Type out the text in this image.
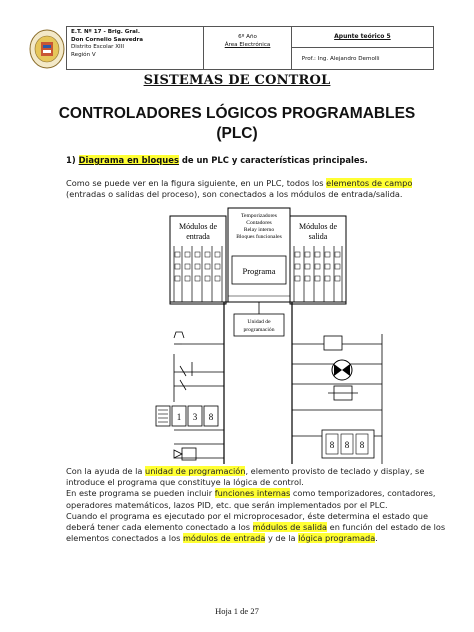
E.T. Nº 17 - Brig. Gral.
Don Cornelio Saavedra
Distrito Escolar XIII
Región V
6º Año
Área Electrónica
Apunte teórico 5
Prof.: Ing. Alejandro Demolli
SISTEMAS DE CONTROL
CONTROLADORES LÓGICOS PROGRAMABLES
(PLC)
1) Diagrama en bloques de un PLC y características principales.
Como se puede ver en la figura siguiente, en un PLC, todos los elementos de campo (entradas o salidas del proceso), son conectados a los módulos de entrada/salida.
Módulos de
entrada
Módulos de
salida
Temporizadores
Contadores
Relay interno
Bloques funcionales
Programa
Unidad de
programación
1 3 8
8 8 8
Con la ayuda de la unidad de programación, elemento provisto de teclado y display, se introduce el programa que constituye la lógica de control.
En este programa se pueden incluir funciones internas como temporizadores, contadores, operadores matemáticos, lazos PID, etc. que serán implementados por el PLC.
Cuando el programa es ejecutado por el microprocesador, éste determina el estado que deberá tener cada elemento conectado a los módulos de salida en función del estado de los elementos conectados a los módulos de entrada y de la lógica programada.
Hoja 1 de 27
